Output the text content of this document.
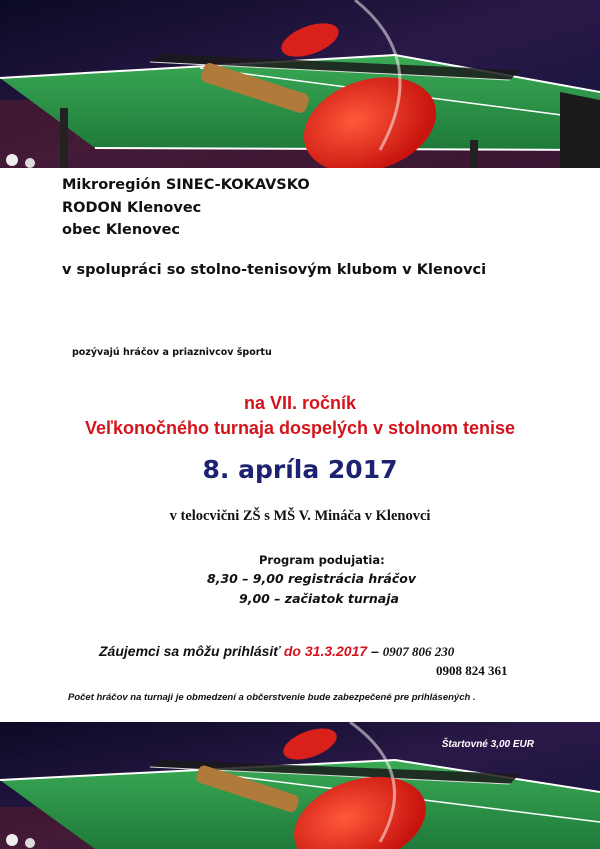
Mikroregión SINEC-KOKAVSKO
RODON Klenovec
obec Klenovec
v spolupráci so stolno-tenisovým klubom v Klenovci
pozývajú hráčov a priaznivcov športu
na VII. ročník
Veľkonočného turnaja dospelých v stolnom tenise
8. apríla 2017
v telocvični ZŠ s MŠ V. Mináča v Klenovci
Program podujatia:
8,30 – 9,00 registrácia hráčov
9,00 – začiatok turnaja
Záujemci sa môžu prihlásiť do 31.3.2017 – 0907 806 230
0908 824 361
Počet hráčov na turnaji je obmedzení a občerstvenie bude zabezpečené pre prihlásených .
Štartovné 3,00 EUR
